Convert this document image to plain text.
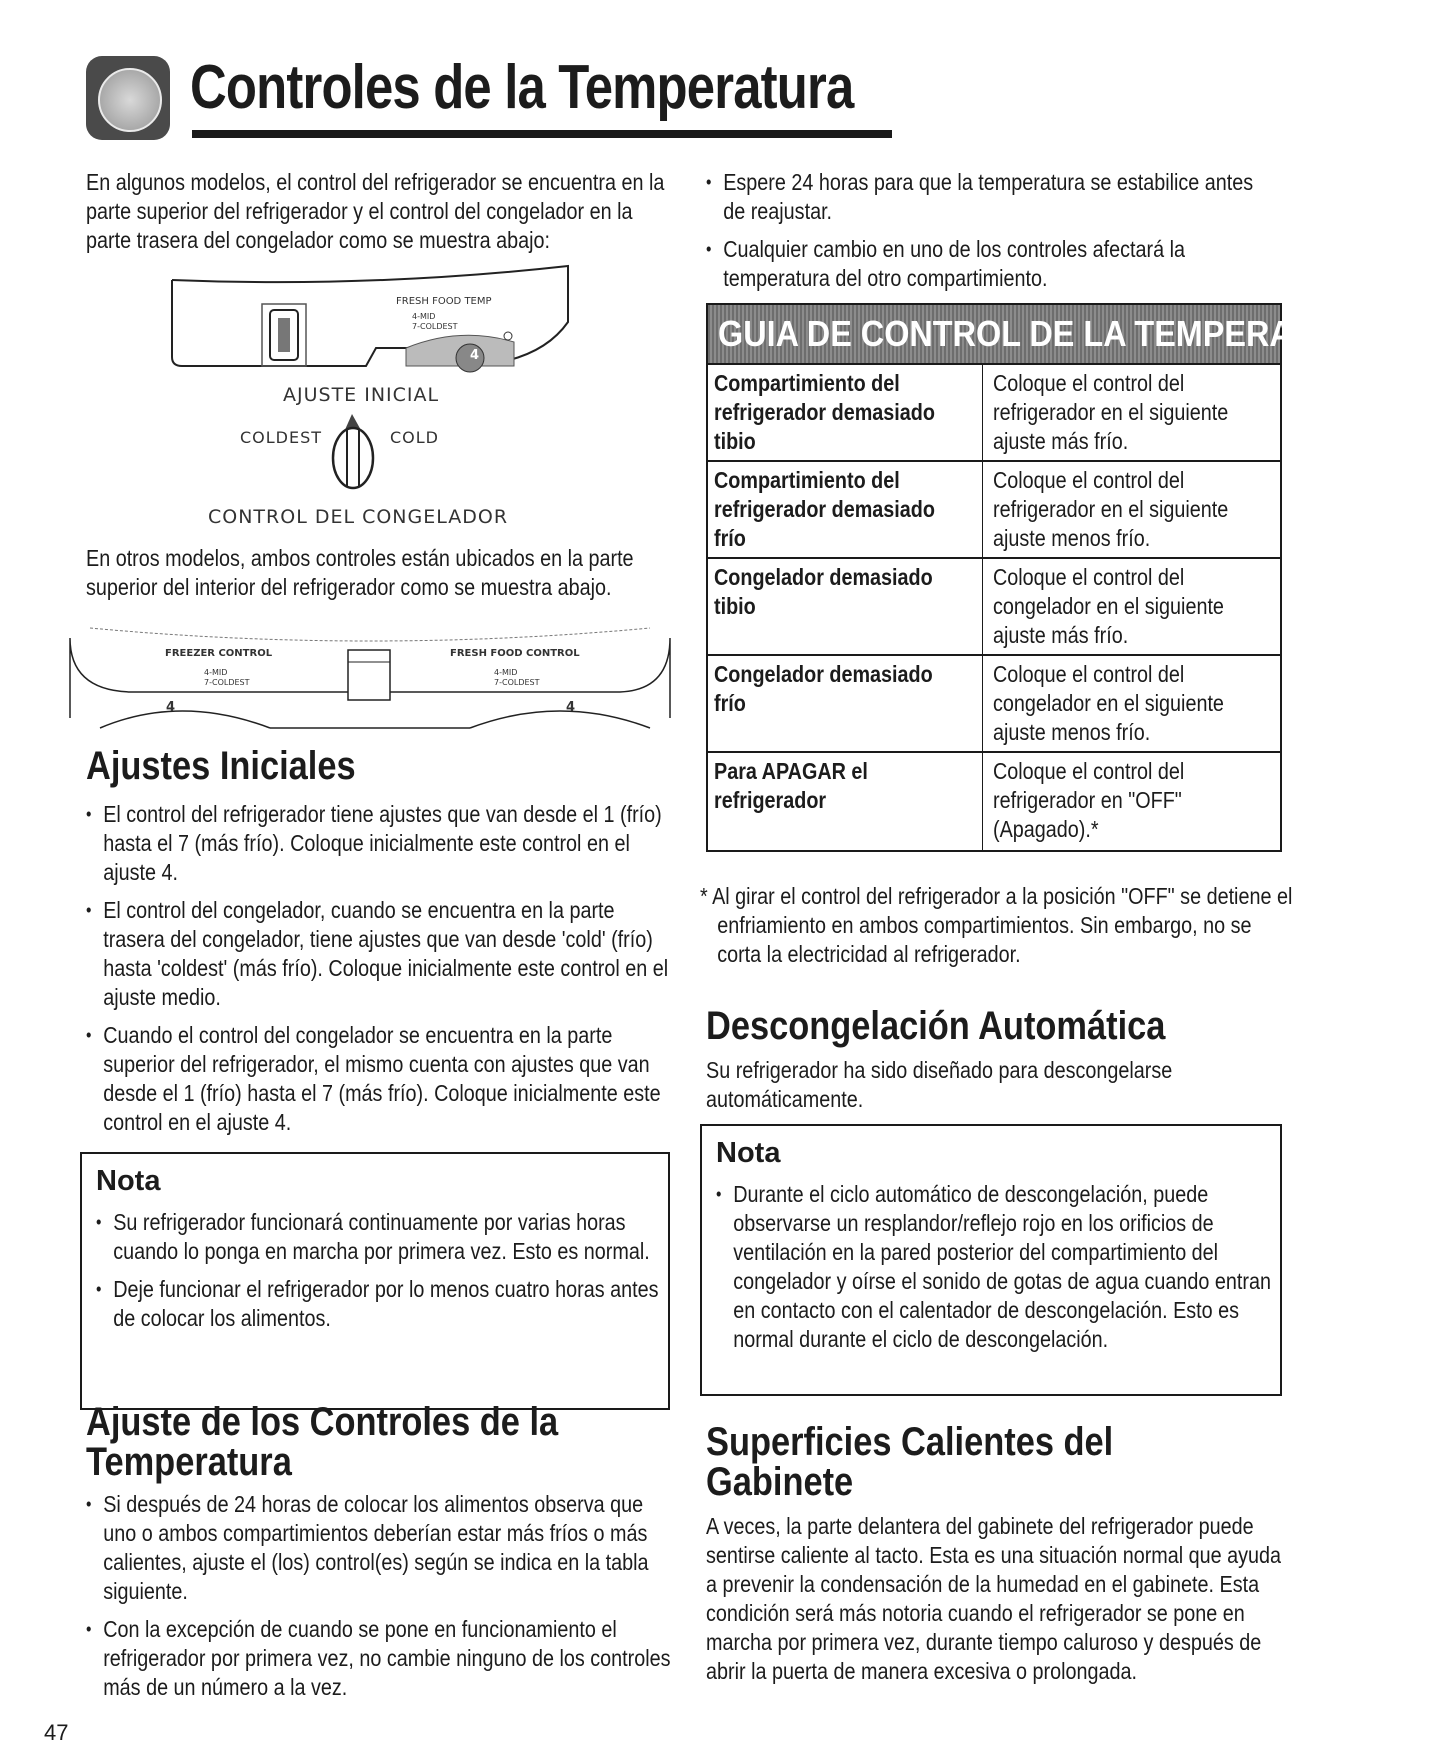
Controles de la Temperatura

En algunos modelos, el control del refrigerador se encuentra en la parte superior del refrigerador y el control del congelador en la parte trasera del congelador como se muestra abajo:

FRESH FOOD TEMP
4-MID
7-COLDEST
4
AJUSTE INICIAL
COLDEST	COLD
CONTROL DEL CONGELADOR

En otros modelos, ambos controles están ubicados en la parte superior del interior del refrigerador como se muestra abajo.

FREEZER CONTROL	FRESH FOOD CONTROL
4-MID
7-COLDEST
4-MID
7-COLDEST
4	4
Ajustes Iniciales
• El control del refrigerador tiene ajustes que van desde el 1 (frío) hasta el 7 (más frío). Coloque inicialmente este control en el ajuste 4.
• El control del congelador, cuando se encuentra en la parte trasera del congelador, tiene ajustes que van desde 'cold' (frío) hasta 'coldest' (más frío). Coloque inicialmente este control en el ajuste medio.
• Cuando el control del congelador se encuentra en la parte superior del refrigerador, el mismo cuenta con ajustes que van desde el 1 (frío) hasta el 7 (más frío). Coloque inicialmente este control en el ajuste 4.
Nota
• Su refrigerador funcionará continuamente por varias horas cuando lo ponga en marcha por primera vez. Esto es normal.
• Deje funcionar el refrigerador por lo menos cuatro horas antes de colocar los alimentos.
Ajuste de los Controles de la
Temperatura
• Si después de 24 horas de colocar los alimentos observa que uno o ambos compartimientos deberían estar más fríos o más calientes, ajuste el (los) control(es) según se indica en la tabla siguiente.
• Con la excepción de cuando se pone en funcionamiento el refrigerador por primera vez, no cambie ninguno de los controles más de un número a la vez.
47
• Espere 24 horas para que la temperatura se estabilice antes de reajustar.
• Cualquier cambio en uno de los controles afectará la temperatura del otro compartimiento.
GUIA DE CONTROL DE LA TEMPERATURA
Compartimiento del refrigerador demasiado tibio
Coloque el control del refrigerador en el siguiente ajuste más frío.
Compartimiento del refrigerador demasiado frío
Coloque el control del refrigerador en el siguiente ajuste menos frío.
Congelador demasiado tibio
Coloque el control del congelador en el siguiente ajuste más frío.
Congelador demasiado frío
Coloque el control del congelador en el siguiente ajuste menos frío.
Para APAGAR el refrigerador
Coloque el control del refrigerador en "OFF" (Apagado).*

* Al girar el control del refrigerador a la posición "OFF" se detiene el enfriamiento en ambos compartimientos. Sin embargo, no se corta la electricidad al refrigerador.

Descongelación Automática

Su refrigerador ha sido diseñado para descongelarse automáticamente.

Nota
• Durante el ciclo automático de descongelación, puede observarse un resplandor/reflejo rojo en los orificios de ventilación en la pared posterior del compartimiento del congelador y oírse el sonido de gotas de agua cuando entran en contacto con el calentador de descongelación. Esto es normal durante el ciclo de descongelación.
Superficies Calientes del
Gabinete

A veces, la parte delantera del gabinete del refrigerador puede sentirse caliente al tacto. Esta es una situación normal que ayuda a prevenir la condensación de la humedad en el gabinete. Esta condición será más notoria cuando el refrigerador se pone en marcha por primera vez, durante tiempo caluroso y después de abrir la puerta de manera excesiva o prolongada.
